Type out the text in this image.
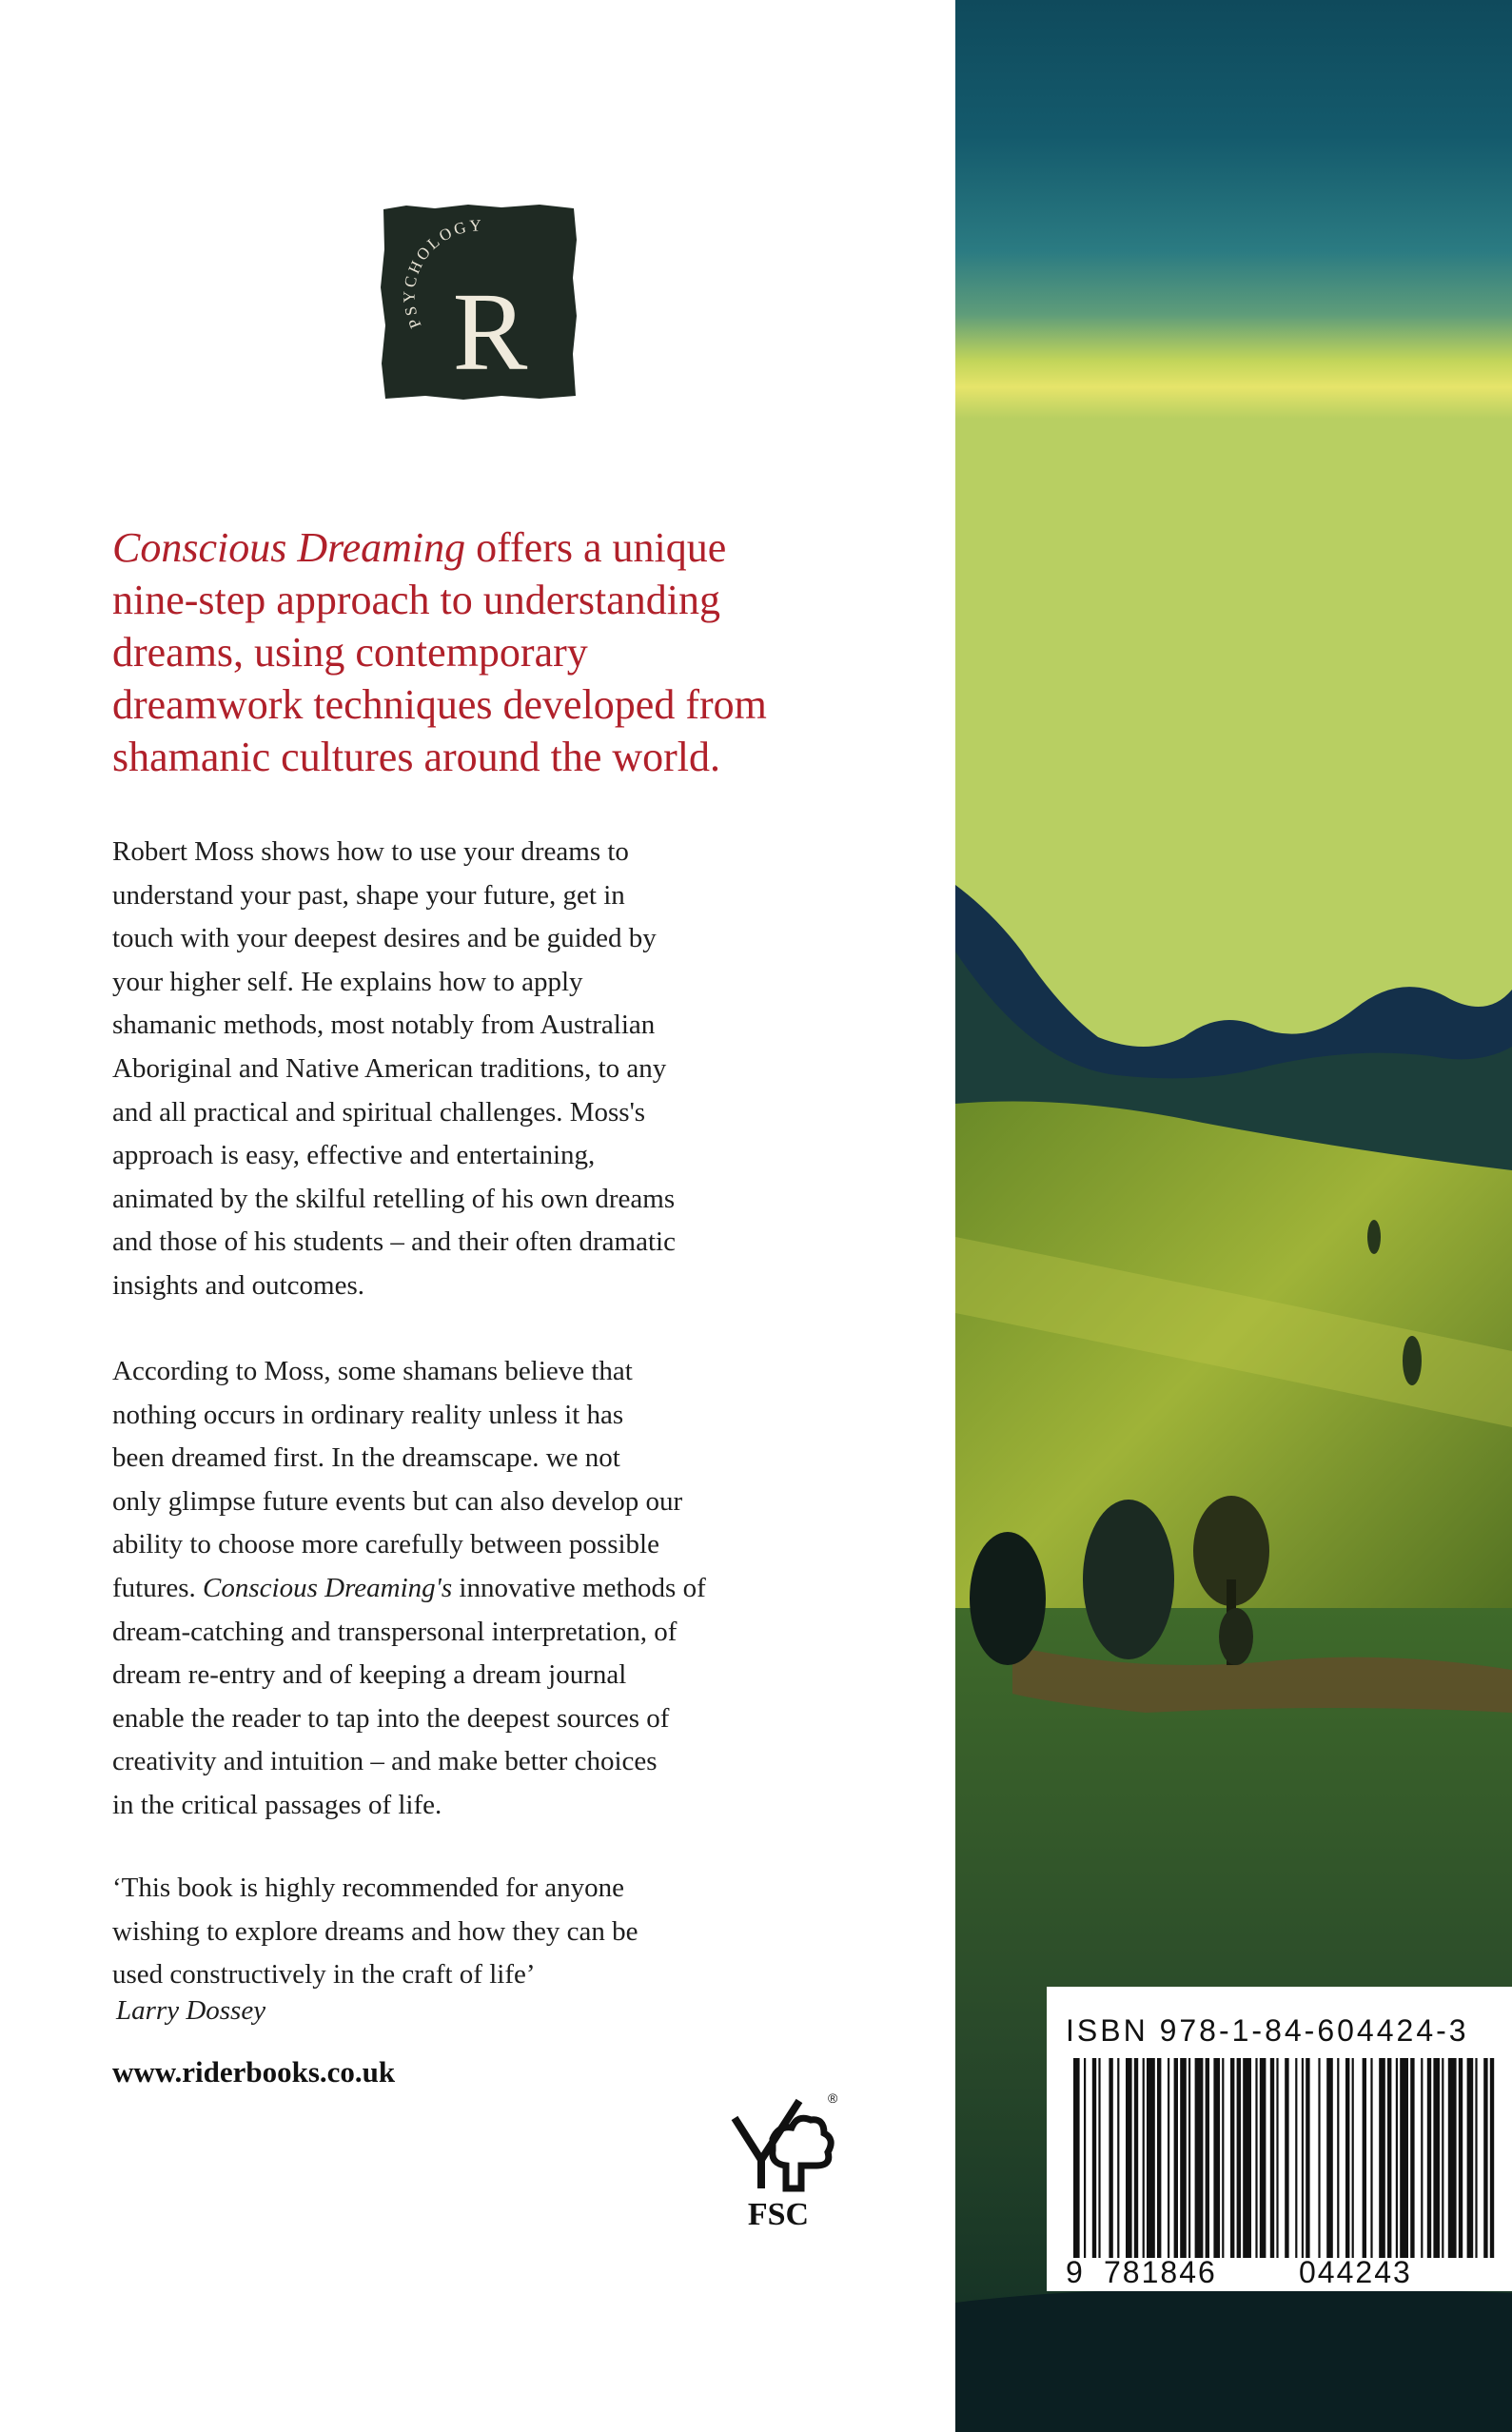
PSYCHOLOGY
R
Conscious Dreaming offers a unique
nine-step approach to understanding
dreams, using contemporary
dreamwork techniques developed from
shamanic cultures around the world.
Robert Moss shows how to use your dreams to
understand your past, shape your future, get in
touch with your deepest desires and be guided by
your higher self. He explains how to apply
shamanic methods, most notably from Australian
Aboriginal and Native American traditions, to any
and all practical and spiritual challenges. Moss's
approach is easy, effective and entertaining,
animated by the skilful retelling of his own dreams
and those of his students – and their often dramatic
insights and outcomes.
According to Moss, some shamans believe that
nothing occurs in ordinary reality unless it has
been dreamed first. In the dreamscape. we not
only glimpse future events but can also develop our
ability to choose more carefully between possible
futures. Conscious Dreaming's innovative methods of
dream-catching and transpersonal interpretation, of
dream re-entry and of keeping a dream journal
enable the reader to tap into the deepest sources of
creativity and intuition – and make better choices
in the critical passages of life.
‘This book is highly recommended for anyone
wishing to explore dreams and how they can be
used constructively in the craft of life’
Larry Dossey
www.riderbooks.co.uk
®
FSC
ISBN 978-1-84-604424-3
9 781846	044243
